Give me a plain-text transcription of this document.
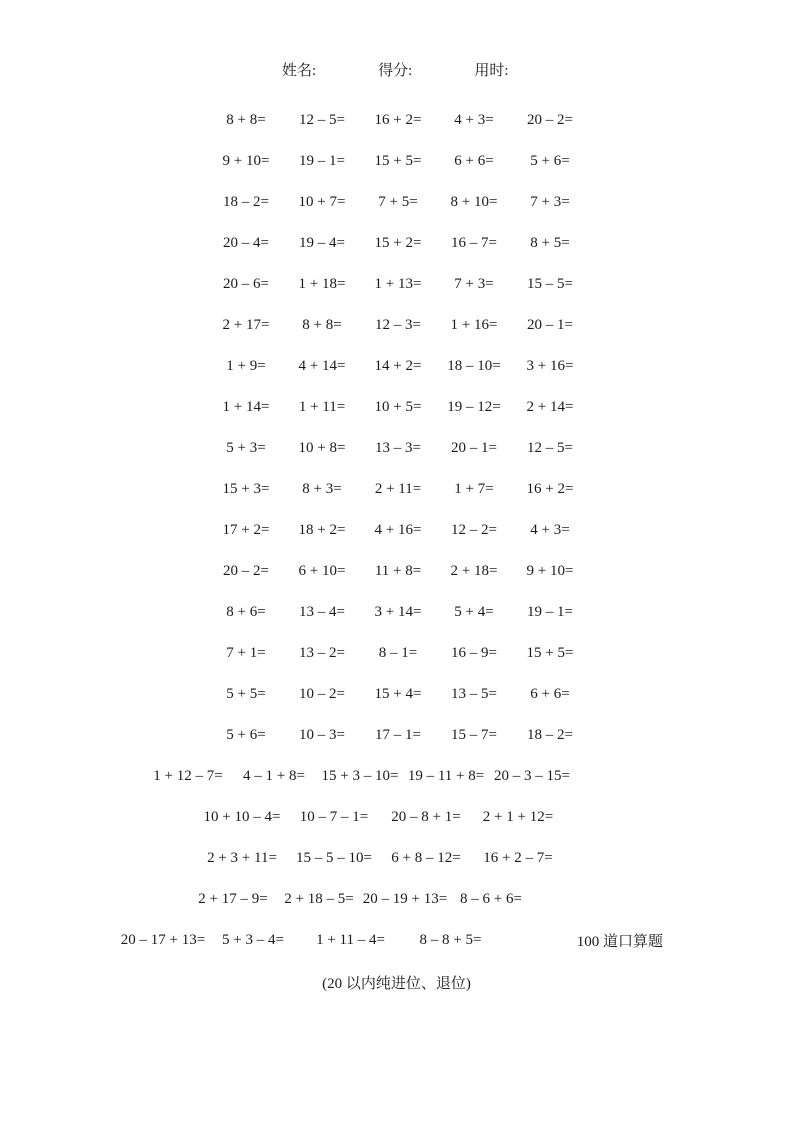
姓名:	得分:	用时:
8 + 8=	12 – 5=	16 + 2=	4 + 3=	20 – 2=
9 + 10=	19 – 1=	15 + 5=	6 + 6=	5 + 6=
18 – 2=	10 + 7=	7 + 5=	8 + 10=	7 + 3=
20 – 4=	19 – 4=	15 + 2=	16 – 7=	8 + 5=
20 – 6=	1 + 18=	1 + 13=	7 + 3=	15 – 5=
2 + 17=	8 + 8=	12 – 3=	1 + 16=	20 – 1=
1 + 9=	4 + 14=	14 + 2=	18 – 10=	3 + 16=
1 + 14=	1 + 11=	10 + 5=	19 – 12=	2 + 14=
5 + 3=	10 + 8=	13 – 3=	20 – 1=	12 – 5=
15 + 3=	8 + 3=	2 + 11=	1 + 7=	16 + 2=
17 + 2=	18 + 2=	4 + 16=	12 – 2=	4 + 3=
20 – 2=	6 + 10=	11 + 8=	2 + 18=	9 + 10=
8 + 6=	13 – 4=	3 + 14=	5 + 4=	19 – 1=
7 + 1=	13 – 2=	8 – 1=	16 – 9=	15 + 5=
5 + 5=	10 – 2=	15 + 4=	13 – 5=	6 + 6=
5 + 6=	10 – 3=	17 – 1=	15 – 7=	18 – 2=
1 + 12 – 7=	4 – 1 + 8=	15 + 3 – 10= 19 – 11 + 8= 20 – 3 – 15=
10 + 10 – 4=	10 – 7 – 1=	20 – 8 + 1=	2 + 1 + 12=
2 + 3 + 11=	15 – 5 – 10=	6 + 8 – 12=	16 + 2 – 7=
2 + 17 – 9=	2 + 18 – 5= 20 – 19 + 13= 8 – 6 + 6=
20 – 17 + 13=	5 + 3 – 4=	1 + 11 – 4=	8 – 8 + 5=	100 道口算题
(20 以内纯进位、退位)
